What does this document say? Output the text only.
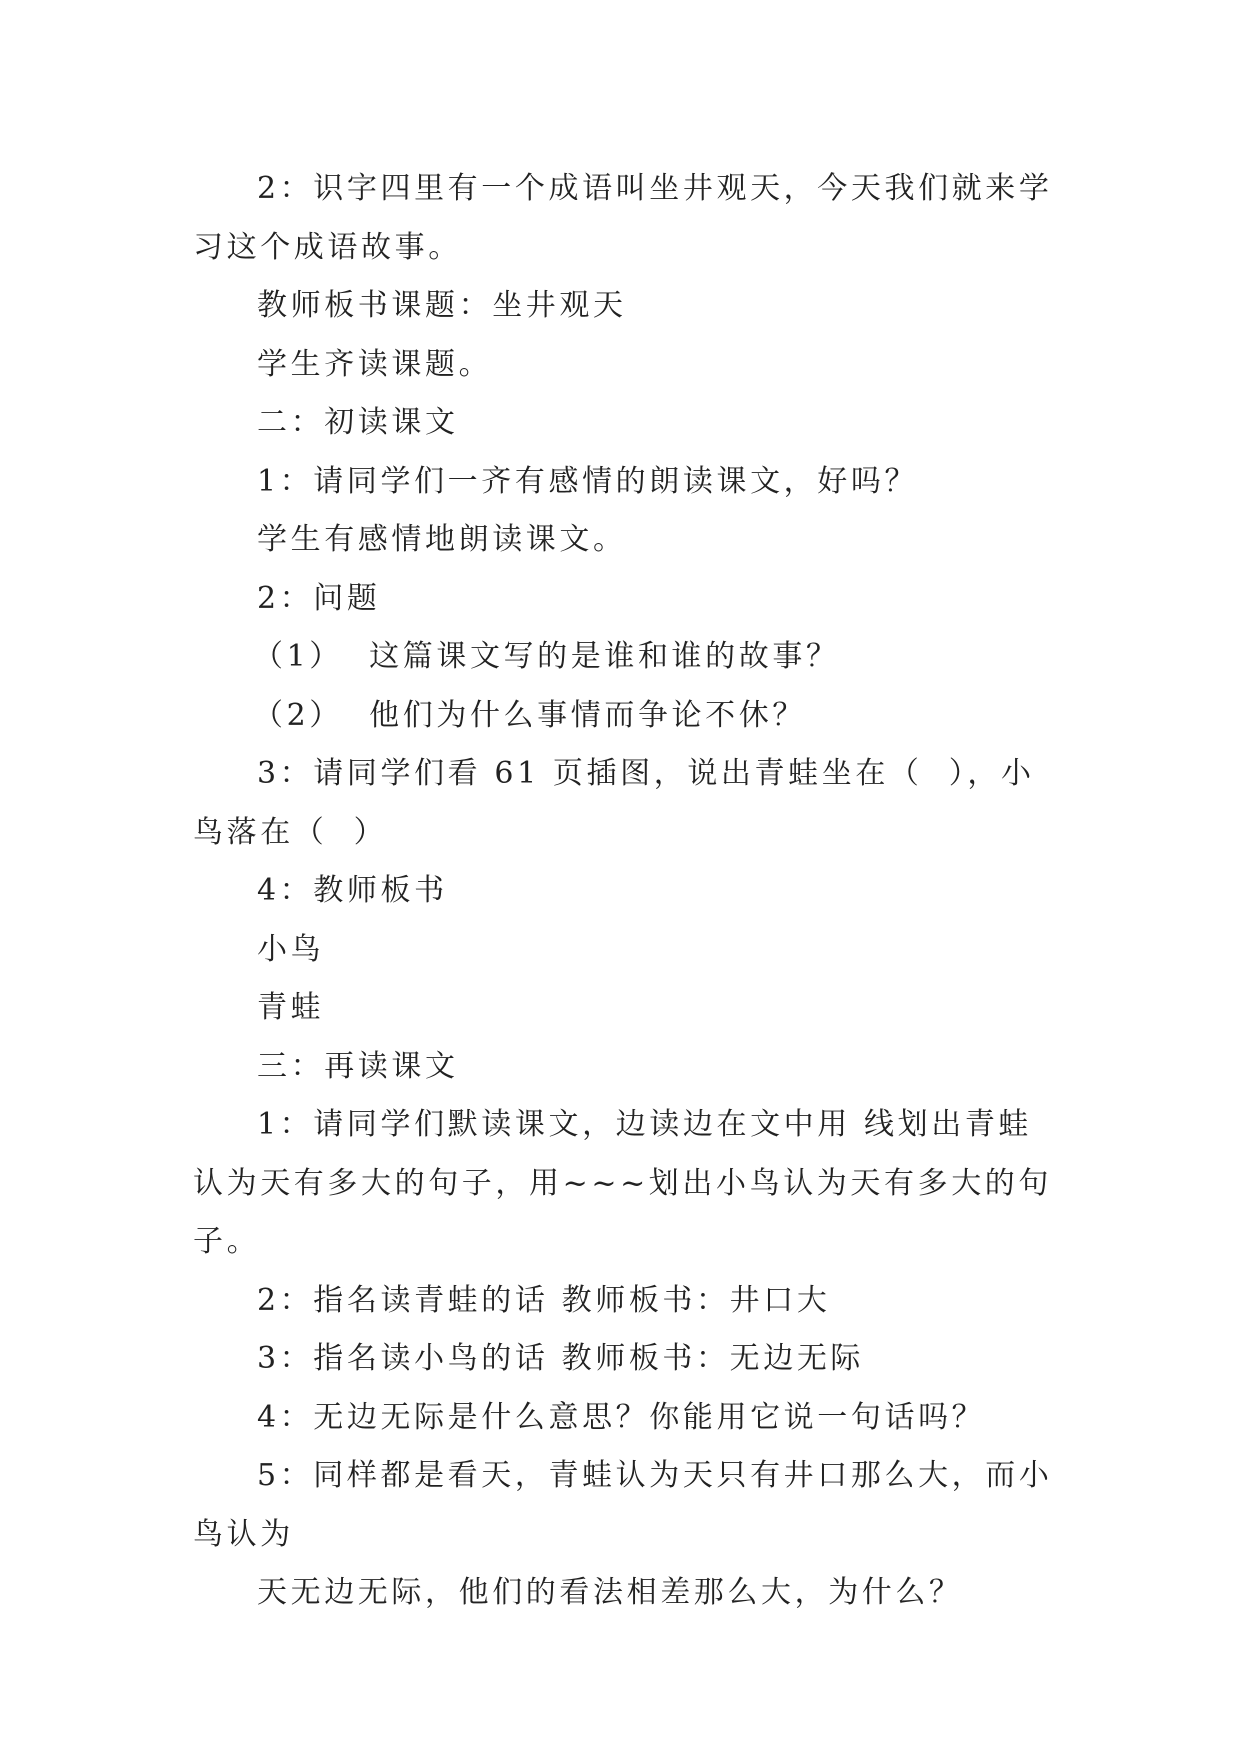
2：识字四里有一个成语叫坐井观天，今天我们就来学习这个成语故事。

教师板书课题：坐井观天

学生齐读课题。

二：初读课文

1：请同学们一齐有感情的朗读课文，好吗？

学生有感情地朗读课文。

2：问题

（1）  这篇课文写的是谁和谁的故事？

（2）  他们为什么事情而争论不休？

3：请同学们看 61 页插图，说出青蛙坐在（  ），小鸟落在（  ）

4：教师板书

小鸟

青蛙

三：再读课文

1：请同学们默读课文，边读边在文中用 线划出青蛙认为天有多大的句子，用~~~划出小鸟认为天有多大的句子。

2：指名读青蛙的话 教师板书：井口大

3：指名读小鸟的话 教师板书：无边无际

4：无边无际是什么意思？你能用它说一句话吗？

5：同样都是看天，青蛙认为天只有井口那么大，而小鸟认为

天无边无际，他们的看法相差那么大，为什么？
